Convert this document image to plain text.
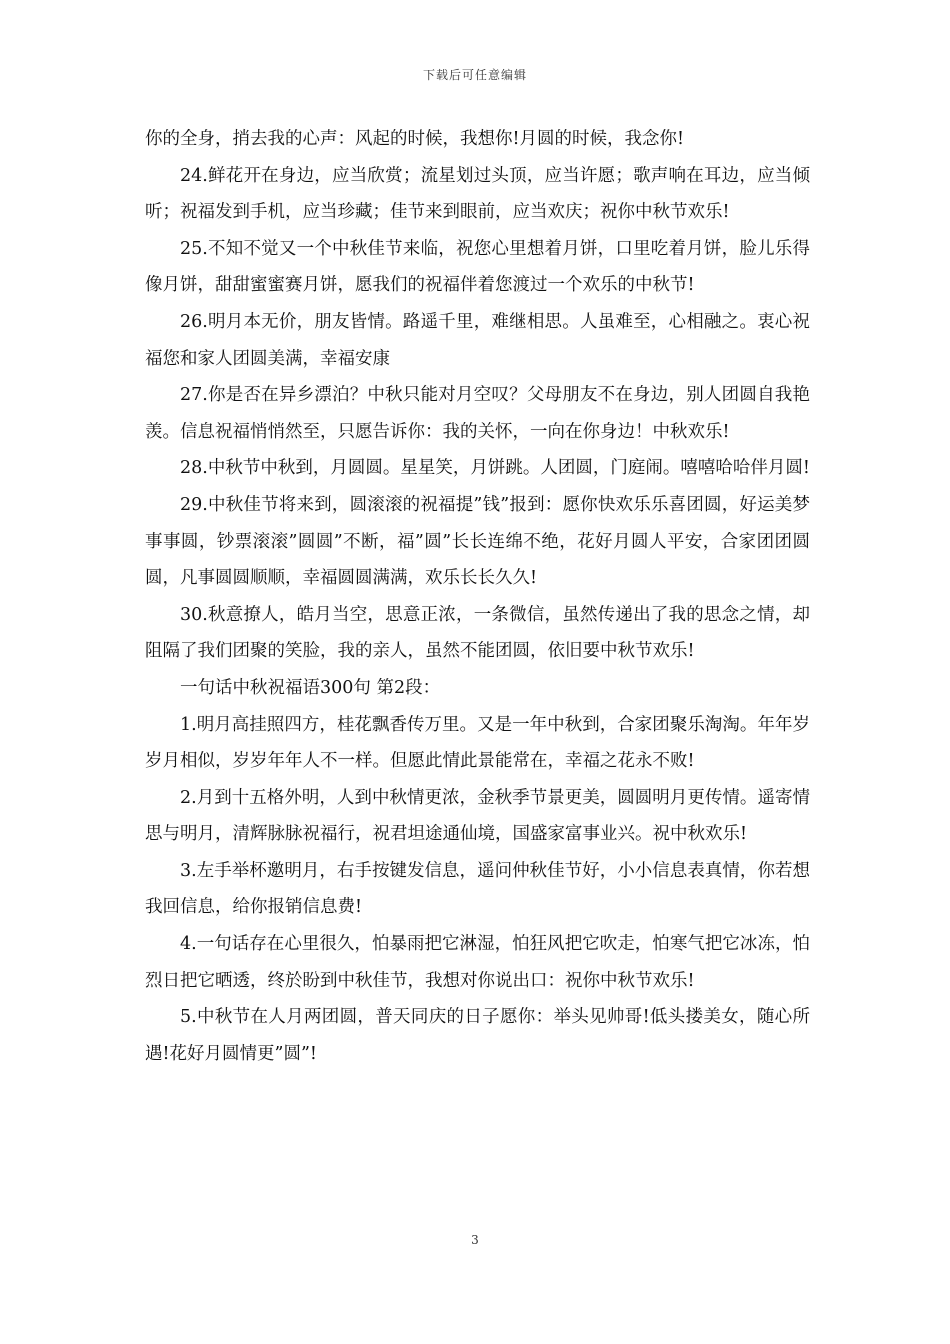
下载后可任意编辑

你的全身，捎去我的心声：风起的时候，我想你!月圆的时候，我念你!

24.鲜花开在身边，应当欣赏；流星划过头顶，应当许愿；歌声响在耳边，应当倾听；祝福发到手机，应当珍藏；佳节来到眼前，应当欢庆；祝你中秋节欢乐!

25.不知不觉又一个中秋佳节来临，祝您心里想着月饼，口里吃着月饼，脸儿乐得像月饼，甜甜蜜蜜赛月饼，愿我们的祝福伴着您渡过一个欢乐的中秋节!

26.明月本无价，朋友皆情。路遥千里，难继相思。人虽难至，心相融之。衷心祝福您和家人团圆美满，幸福安康

27.你是否在异乡漂泊？中秋只能对月空叹？父母朋友不在身边，别人团圆自我艳羡。信息祝福悄悄然至，只愿告诉你：我的关怀，一向在你身边！中秋欢乐!

28.中秋节中秋到，月圆圆。星星笑，月饼跳。人团圆，门庭闹。嘻嘻哈哈伴月圆!

29.中秋佳节将来到，圆滚滚的祝福提”钱”报到：愿你快欢乐乐喜团圆，好运美梦事事圆，钞票滚滚”圆圆”不断，福”圆”长长连绵不绝，花好月圆人平安，合家团团圆圆，凡事圆圆顺顺，幸福圆圆满满，欢乐长长久久!

30.秋意撩人，皓月当空，思意正浓，一条微信，虽然传递出了我的思念之情，却阻隔了我们团聚的笑脸，我的亲人，虽然不能团圆，依旧要中秋节欢乐!

一句话中秋祝福语300句 第2段：

1.明月高挂照四方，桂花飘香传万里。又是一年中秋到，合家团聚乐淘淘。年年岁岁月相似，岁岁年年人不一样。但愿此情此景能常在，幸福之花永不败!

2.月到十五格外明，人到中秋情更浓，金秋季节景更美，圆圆明月更传情。遥寄情思与明月，清辉脉脉祝福行，祝君坦途通仙境，国盛家富事业兴。祝中秋欢乐!

3.左手举杯邀明月，右手按键发信息，遥问仲秋佳节好，小小信息表真情，你若想我回信息，给你报销信息费!

4.一句话存在心里很久，怕暴雨把它淋湿，怕狂风把它吹走，怕寒气把它冰冻，怕烈日把它晒透，终於盼到中秋佳节，我想对你说出口：祝你中秋节欢乐!

5.中秋节在人月两团圆，普天同庆的日子愿你：举头见帅哥!低头搂美女，随心所遇!花好月圆情更”圆”!

3
